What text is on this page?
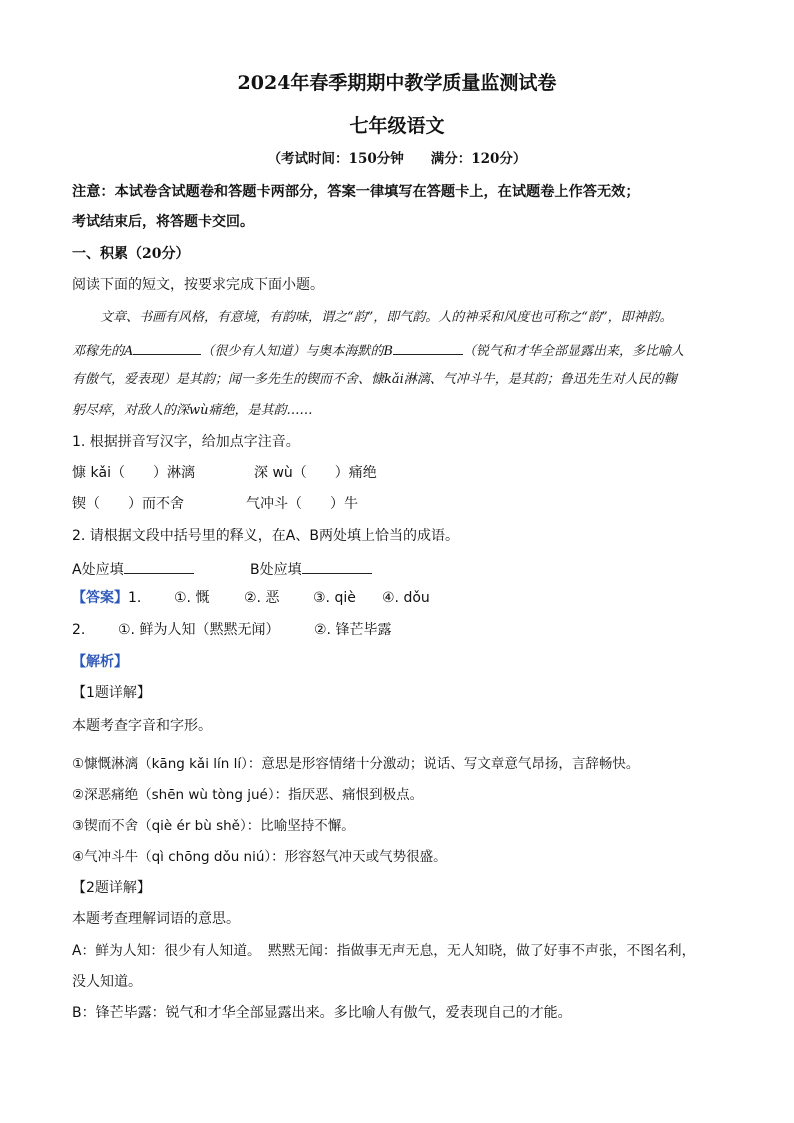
2024年春季期期中教学质量监测试卷
七年级语文
（考试时间：150分钟　　满分：120分）
注意：本试卷含试题卷和答题卡两部分，答案一律填写在答题卡上，在试题卷上作答无效；
考试结束后，将答题卡交回。
一、积累（20分）
阅读下面的短文，按要求完成下面小题。
文章、书画有风格，有意境，有韵味，谓之“韵”，即气韵。人的神采和风度也可称之“韵”，即神韵。
邓稼先的A	（很少有人知道）与奥本海默的B	（锐气和才华全部显露出来，多比喻人
有傲气，爱表现）是其韵；闻一多先生的锲而不舍、慷kǎi淋漓、气冲斗牛，是其韵；鲁迅先生对人民的鞠
躬尽瘁，对敌人的深wù痛绝，是其韵……
1. 根据拼音写汉字，给加点字注音。
慷 kǎi（　　）淋漓	深 wù（　　）痛绝
锲（　　）而不舍	气冲斗（　　）牛
2. 请根据文段中括号里的释义，在A、B两处填上恰当的成语。
A处应填	B处应填
【答案】1. ①. 慨 ②. 恶 ③. qiè ④. dǒu
2. ①. 鲜为人知（黙黙无闻） ②. 锋芒毕露
【解析】
【1题详解】
本题考查字音和字形。
①慷慨淋漓（kāng kǎi lín lí）：意思是形容情绪十分激动；说话、写文章意气昂扬，言辞畅快。
②深恶痛绝（shēn wù tòng jué）：指厌恶、痛恨到极点。
③锲而不舍（qiè ér bù shě）：比喻坚持不懈。
④气冲斗牛（qì chōng dǒu niú）：形容怒气冲天或气势很盛。
【2题详解】
本题考查理解词语的意思。
A：鲜为人知：很少有人知道。　黙黙无闻：指做事无声无息，无人知晓，做了好事不声张，不图名利，
没人知道。
B：锋芒毕露：锐气和才华全部显露出来。多比喻人有傲气，爱表现自己的才能。
